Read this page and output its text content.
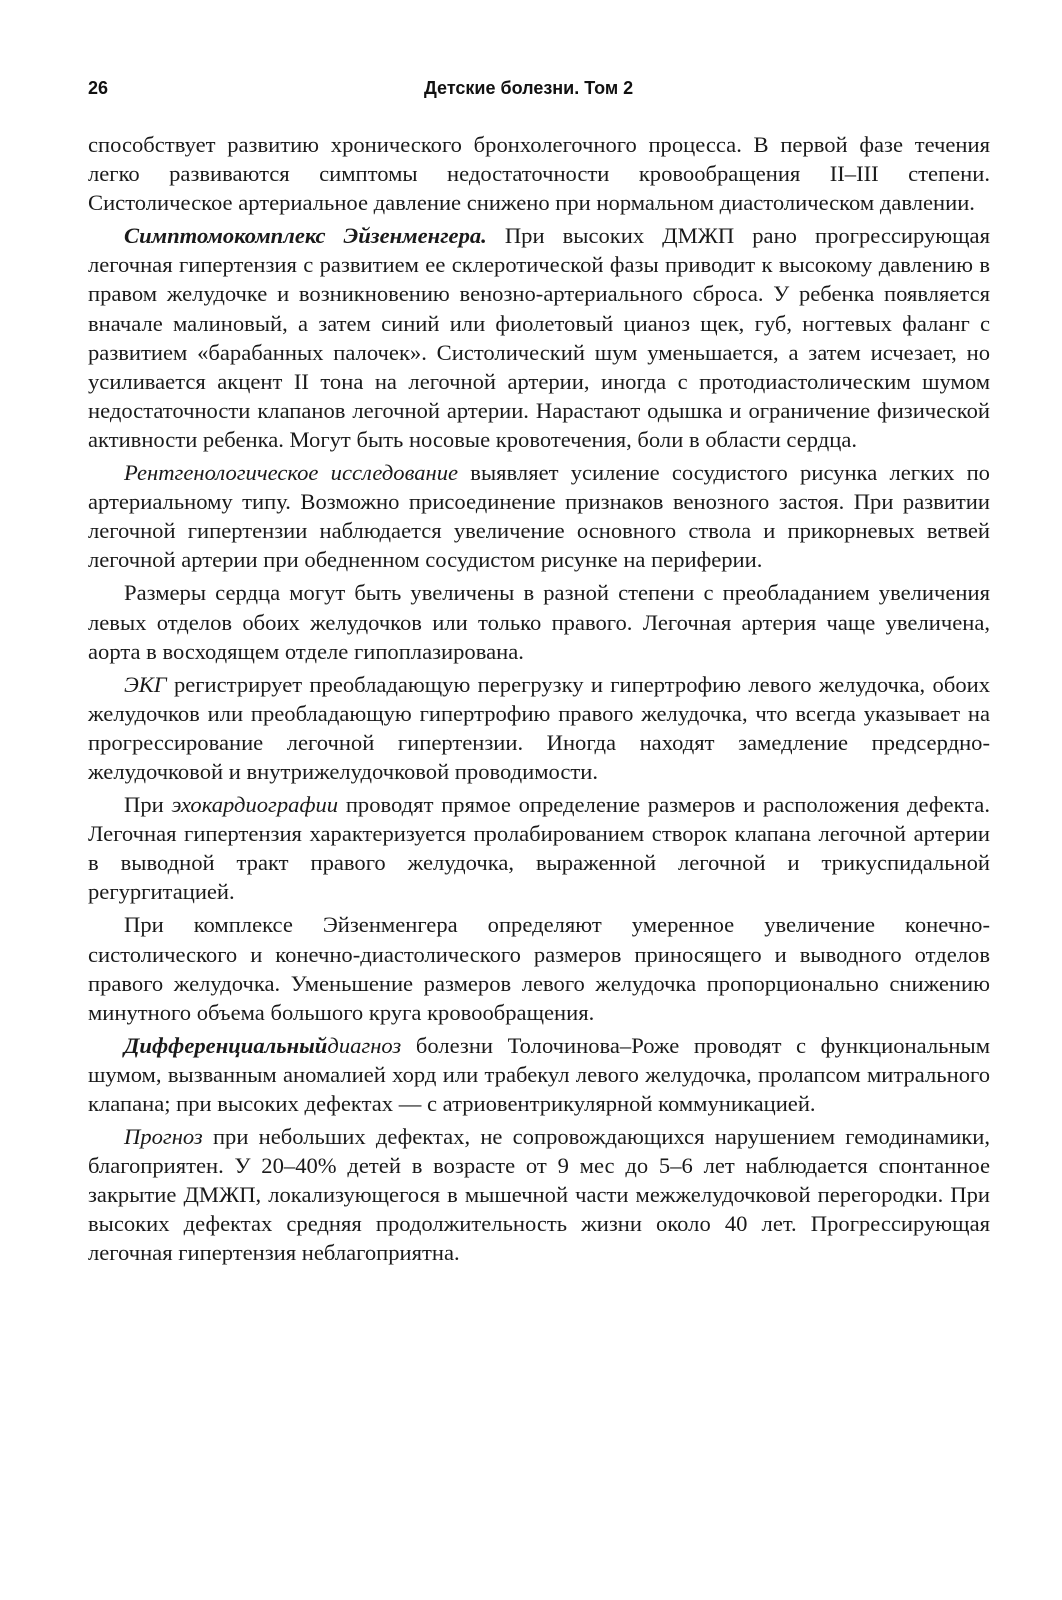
26	Детские болезни. Том 2

способствует развитию хронического бронхолегочного процесса. В первой фазе течения легко развиваются симптомы недостаточности кровообращения II–III степени. Систолическое артериальное давление снижено при нормальном диастолическом давлении.

Симптомокомплекс Эйзенменгера. При высоких ДМЖП рано прогрессирующая легочная гипертензия с развитием ее склеротической фазы приводит к высокому давлению в правом желудочке и возникновению венозно-артериального сброса. У ребенка появляется вначале малиновый, а затем синий или фиолетовый цианоз щек, губ, ногтевых фаланг с развитием «барабанных палочек». Систолический шум уменьшается, а затем исчезает, но усиливается акцент II тона на легочной артерии, иногда с протодиастолическим шумом недостаточности клапанов легочной артерии. Нарастают одышка и ограничение физической активности ребенка. Могут быть носовые кровотечения, боли в области сердца.

Рентгенологическое исследование выявляет усиление сосудистого рисунка легких по артериальному типу. Возможно присоединение признаков венозного застоя. При развитии легочной гипертензии наблюдается увеличение основного ствола и прикорневых ветвей легочной артерии при обедненном сосудистом рисунке на периферии.

Размеры сердца могут быть увеличены в разной степени с преобладанием увеличения левых отделов обоих желудочков или только правого. Легочная артерия чаще увеличена, аорта в восходящем отделе гипоплазирована.

ЭКГ регистрирует преобладающую перегрузку и гипертрофию левого желудочка, обоих желудочков или преобладающую гипертрофию правого желудочка, что всегда указывает на прогрессирование легочной гипертензии. Иногда находят замедление предсердно-желудочковой и внутрижелудочковой проводимости.

При эхокардиографии проводят прямое определение размеров и расположения дефекта. Легочная гипертензия характеризуется пролабированием створок клапана легочной артерии в выводной тракт правого желудочка, выраженной легочной и трикуспидальной регургитацией.

При комплексе Эйзенменгера определяют умеренное увеличение конечно-систолического и конечно-диастолического размеров приносящего и выводного отделов правого желудочка. Уменьшение размеров левого желудочка пропорционально снижению минутного объема большого круга кровообращения.

Дифференциальныйдиагноз болезни Толочинова–Роже проводят с функциональным шумом, вызванным аномалией хорд или трабекул левого желудочка, пролапсом митрального клапана; при высоких дефектах — с атриовентрикулярной коммуникацией.

Прогноз при небольших дефектах, не сопровождающихся нарушением гемодинамики, благоприятен. У 20–40% детей в возрасте от 9 мес до 5–6 лет наблюдается спонтанное закрытие ДМЖП, локализующегося в мышечной части межжелудочковой перегородки. При высоких дефектах средняя продолжительность жизни около 40 лет. Прогрессирующая легочная гипертензия неблагоприятна.
